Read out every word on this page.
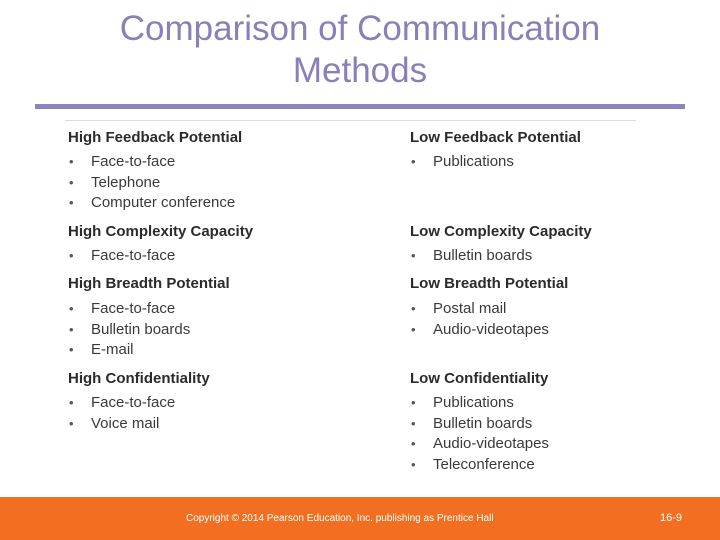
Comparison of Communication
Methods
High Feedback Potential
• Face-to-face
• Telephone
• Computer conference
High Complexity Capacity
• Face-to-face
High Breadth Potential
• Face-to-face
• Bulletin boards
• E-mail
High Confidentiality
• Face-to-face
• Voice mail
Low Feedback Potential
• Publications
Low Complexity Capacity
• Bulletin boards
Low Breadth Potential
• Postal mail
• Audio-videotapes
Low Confidentiality
• Publications
• Bulletin boards
• Audio-videotapes
• Teleconference
Copyright © 2014 Pearson Education, Inc. publishing as Prentice Hall	16-9
